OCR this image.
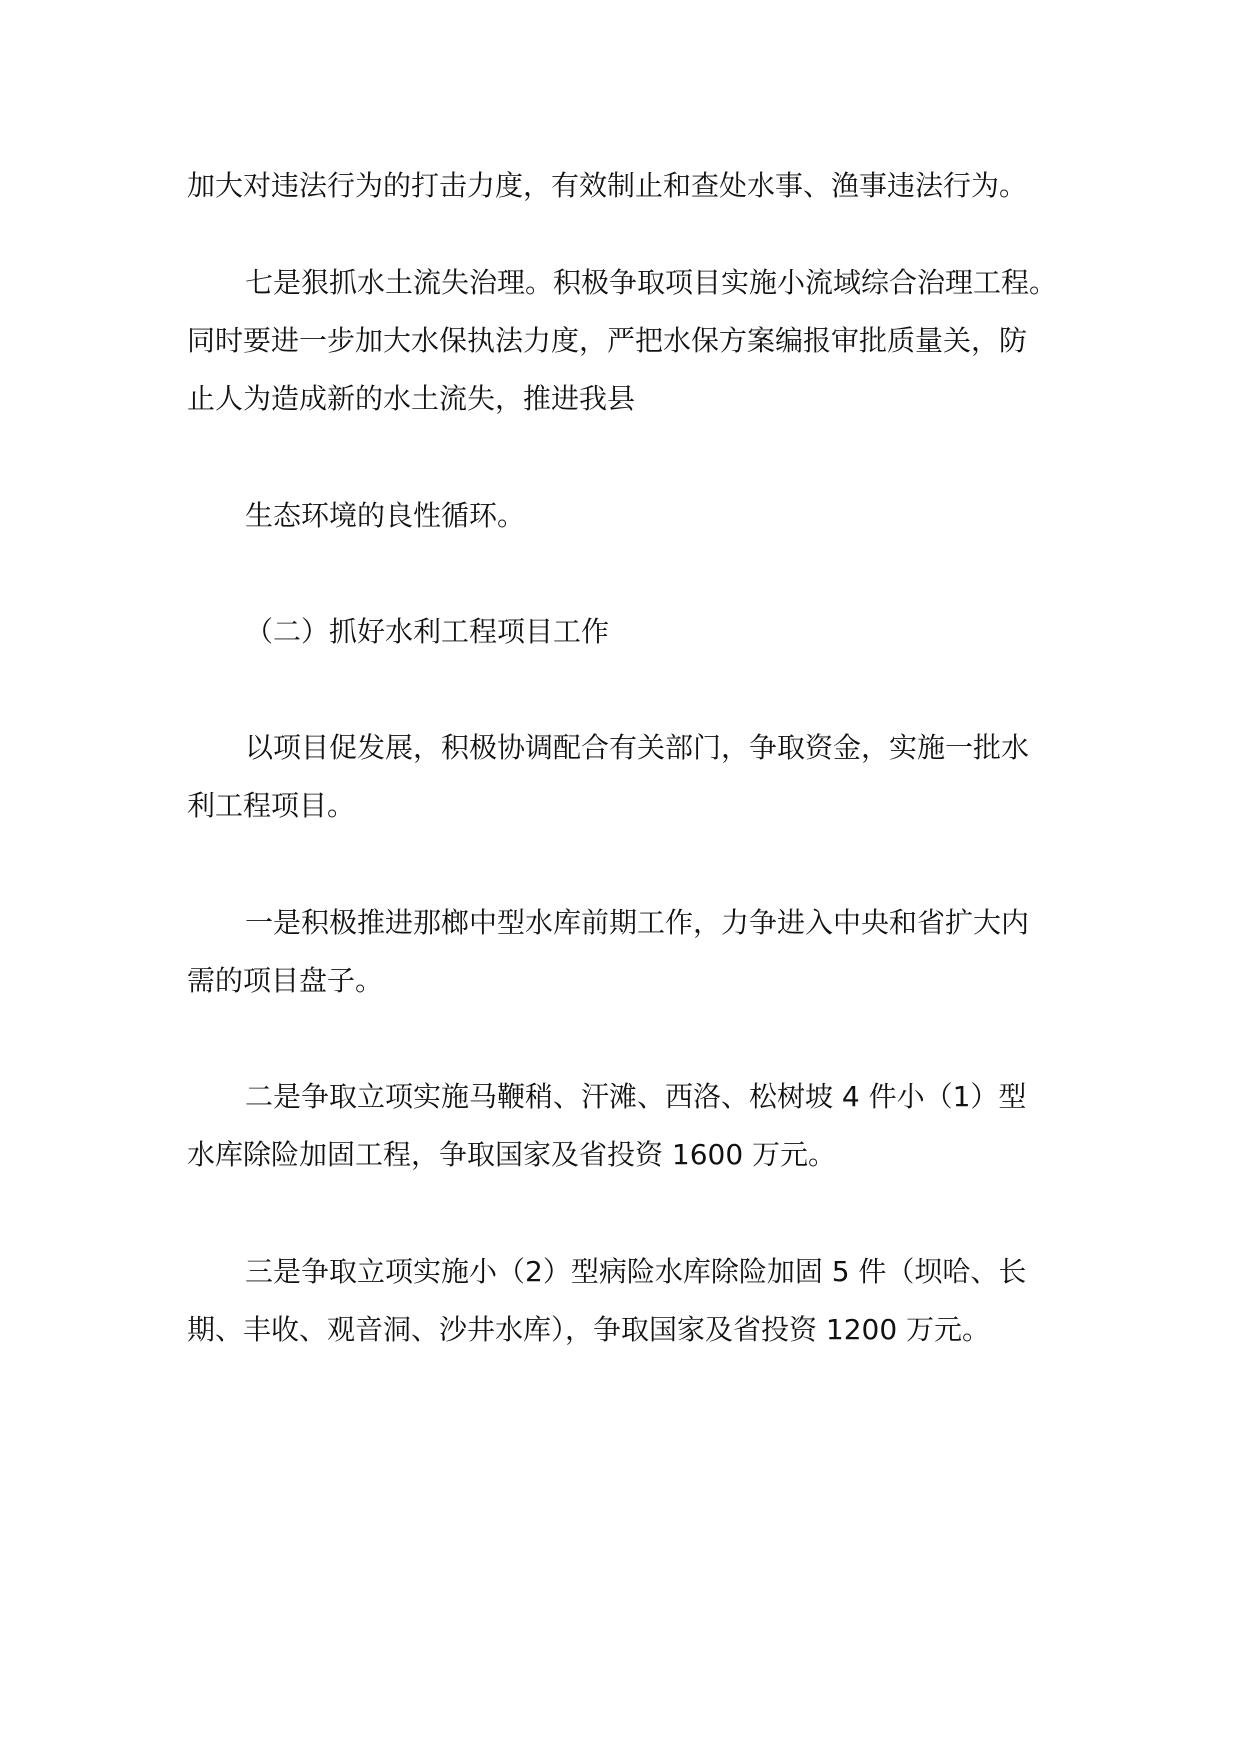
加大对违法行为的打击力度，有效制止和查处水事、渔事违法行为。
七是狠抓水土流失治理。积极争取项目实施小流域综合治理工程。
同时要进一步加大水保执法力度，严把水保方案编报审批质量关，防
止人为造成新的水土流失，推进我县
生态环境的良性循环。
（二）抓好水利工程项目工作
以项目促发展，积极协调配合有关部门，争取资金，实施一批水
利工程项目。
一是积极推进那榔中型水库前期工作，力争进入中央和省扩大内
需的项目盘子。
二是争取立项实施马鞭稍、汗滩、西洛、松树坡 4 件小（1）型
水库除险加固工程，争取国家及省投资 1600 万元。
三是争取立项实施小（2）型病险水库除险加固 5 件（坝哈、长
期、丰收、观音洞、沙井水库），争取国家及省投资 1200 万元。
